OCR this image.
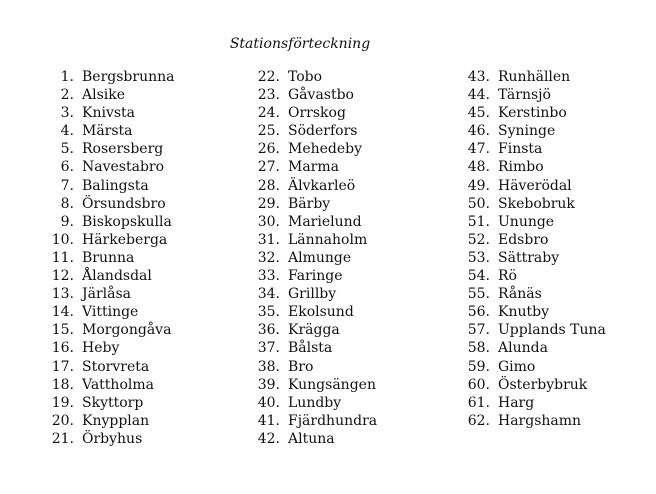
Stationsförteckning
1. Bergsbrunna
2. Alsike
3. Knivsta
4. Märsta
5. Rosersberg
6. Navestabro
7. Balingsta
8. Örsundsbro
9. Biskopskulla
10. Härkeberga
11. Brunna
12. Ålandsdal
13. Järlåsa
14. Vittinge
15. Morgongåva
16. Heby
17. Storvreta
18. Vattholma
19. Skyttorp
20. Knypplan
21. Örbyhus
22. Tobo
23. Gåvastbo
24. Orrskog
25. Söderfors
26. Mehedeby
27. Marma
28. Älvkarleö
29. Bärby
30. Marielund
31. Lännaholm
32. Almunge
33. Faringe
34. Grillby
35. Ekolsund
36. Krägga
37. Bålsta
38. Bro
39. Kungsängen
40. Lundby
41. Fjärdhundra
42. Altuna
43. Runhällen
44. Tärnsjö
45. Kerstinbo
46. Syninge
47. Finsta
48. Rimbo
49. Häverödal
50. Skebobruk
51. Ununge
52. Edsbro
53. Sättraby
54. Rö
55. Rånäs
56. Knutby
57. Upplands Tuna
58. Alunda
59. Gimo
60. Österbybruk
61. Harg
62. Hargshamn
